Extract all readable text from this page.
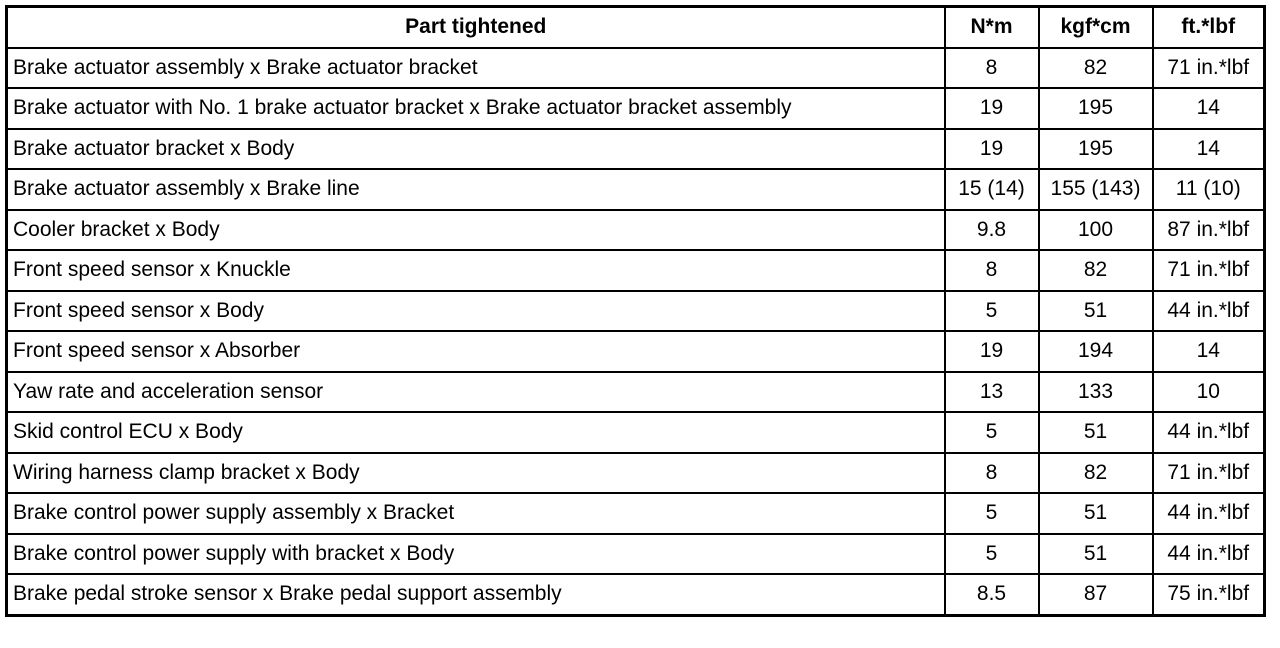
Part tightened	N*m	kgf*cm	ft.*lbf
Brake actuator assembly x Brake actuator bracket	8	82	71 in.*lbf
Brake actuator with No. 1 brake actuator bracket x Brake actuator bracket assembly	19	195	14
Brake actuator bracket x Body	19	195	14
Brake actuator assembly x Brake line	15 (14)	155 (143)	11 (10)
Cooler bracket x Body	9.8	100	87 in.*lbf
Front speed sensor x Knuckle	8	82	71 in.*lbf
Front speed sensor x Body	5	51	44 in.*lbf
Front speed sensor x Absorber	19	194	14
Yaw rate and acceleration sensor	13	133	10
Skid control ECU x Body	5	51	44 in.*lbf
Wiring harness clamp bracket x Body	8	82	71 in.*lbf
Brake control power supply assembly x Bracket	5	51	44 in.*lbf
Brake control power supply with bracket x Body	5	51	44 in.*lbf
Brake pedal stroke sensor x Brake pedal support assembly	8.5	87	75 in.*lbf
